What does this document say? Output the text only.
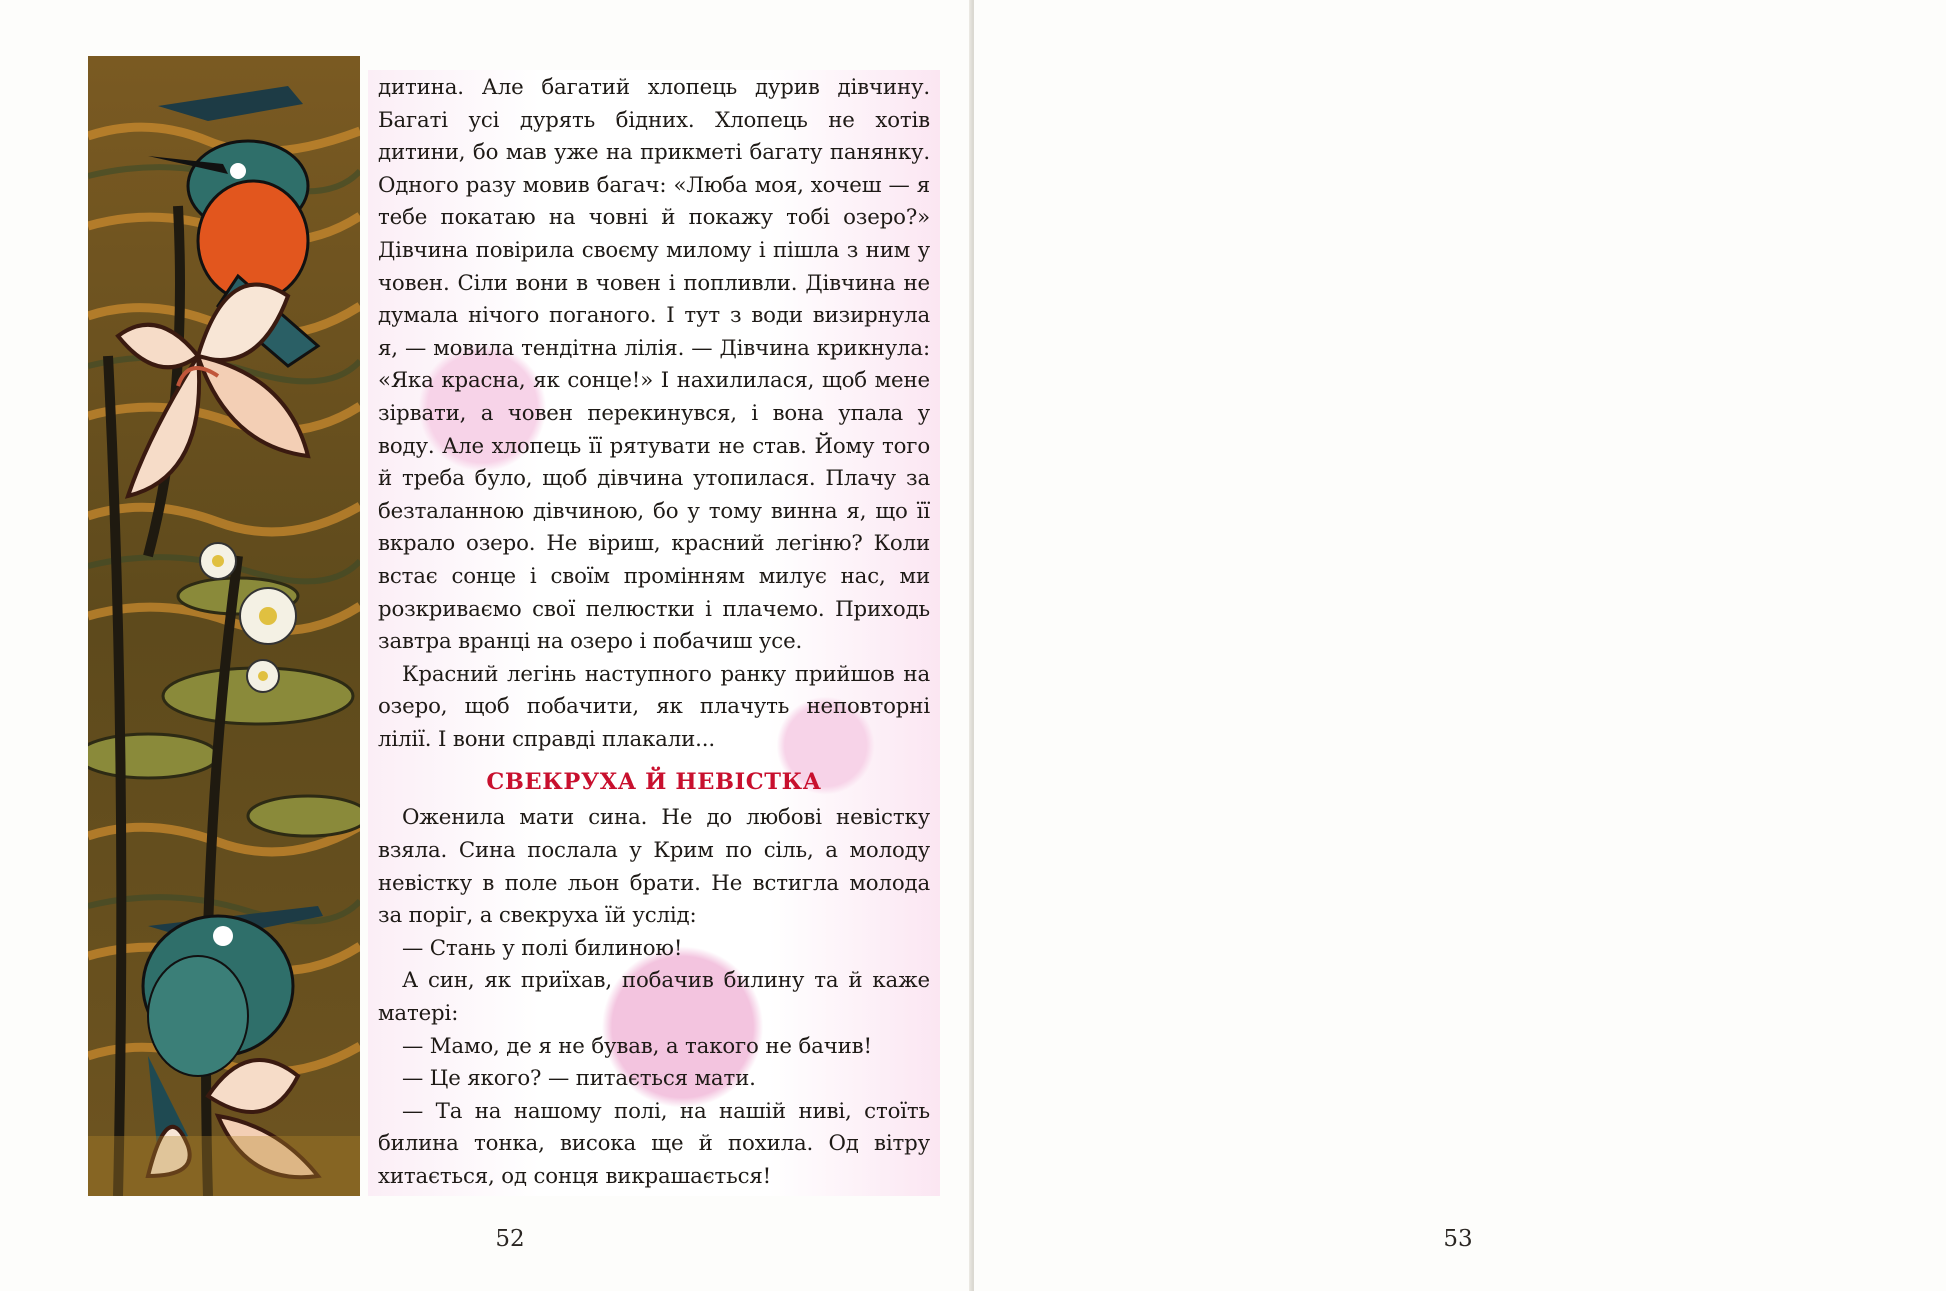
дитина. Але багатий хлопець дурив дівчину. Багаті усі дурять бідних. Хлопець не хотів дитини, бо мав уже на прикметі багату панянку. Одного разу мовив багач: «Люба моя, хочеш — я тебе покатаю на човні й покажу тобі озеро?» Дівчина повірила своєму милому і пішла з ним у човен. Сіли вони в човен і попливли. Дівчина не думала нічого поганого. І тут з води визирнула я, — мовила тендітна лілія. — Дівчина крикнула: «Яка красна, як сонце!» І нахилилася, щоб мене зірвати, а човен перекинувся, і вона упала у воду. Але хлопець її рятувати не став. Йому того й треба було, щоб дівчина утопилася. Плачу за безталанною дівчиною, бо у тому винна я, що її вкрало озеро. Не віриш, красний легіню? Коли встає сонце і своїм промінням милує нас, ми розкриваємо свої пелюстки і плачемо. Приходь завтра вранці на озеро і побачиш усе.

Красний легінь наступного ранку прийшов на озеро, щоб побачити, як плачуть неповторні лілії. І вони справді плакали...

СВЕКРУХА Й НЕВІСТКА

Оженила мати сина. Не до любові невістку взяла. Сина послала у Крим по сіль, а молоду невістку в поле льон брати. Не встигла молода за поріг, а свекруха їй услід:

— Стань у полі билиною!

А син, як приїхав, побачив билину та й каже матері:

— Мамо, де я не бував, а такого не бачив!

— Це якого? — питається мати.

— Та на нашому полі, на нашій ниві, стоїть билина тонка, висока ще й похила. Од вітру хитається, од сонця викрашається!

52	53
